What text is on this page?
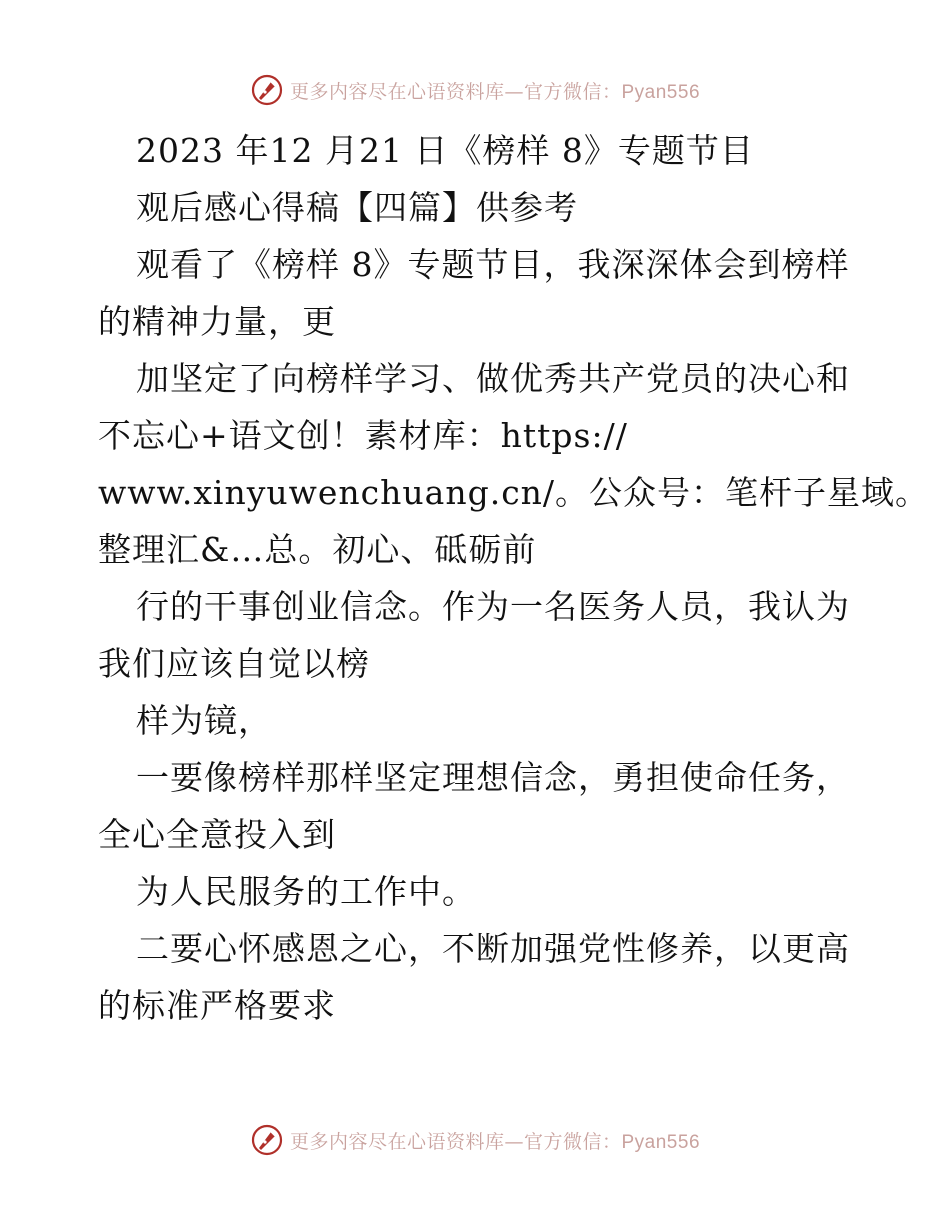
更多内容尽在心语资料库—官方微信：Pyan556
2023 年12 月21 日《榜样 8》专题节目
观后感心得稿【四篇】供参考
观看了《榜样 8》专题节目，我深深体会到榜样
的精神力量，更
加坚定了向榜样学习、做优秀共产党员的决心和
不忘心+语文创！素材库：https://
www.xinyuwenchuang.cn/。公众号：笔杆子星域。
整理汇&…总。初心、砥砺前
行的干事创业信念。作为一名医务人员，我认为
我们应该自觉以榜
样为镜，
一要像榜样那样坚定理想信念，勇担使命任务，
全心全意投入到
为人民服务的工作中。
二要心怀感恩之心，不断加强党性修养，以更高
的标准严格要求
更多内容尽在心语资料库—官方微信：Pyan556
